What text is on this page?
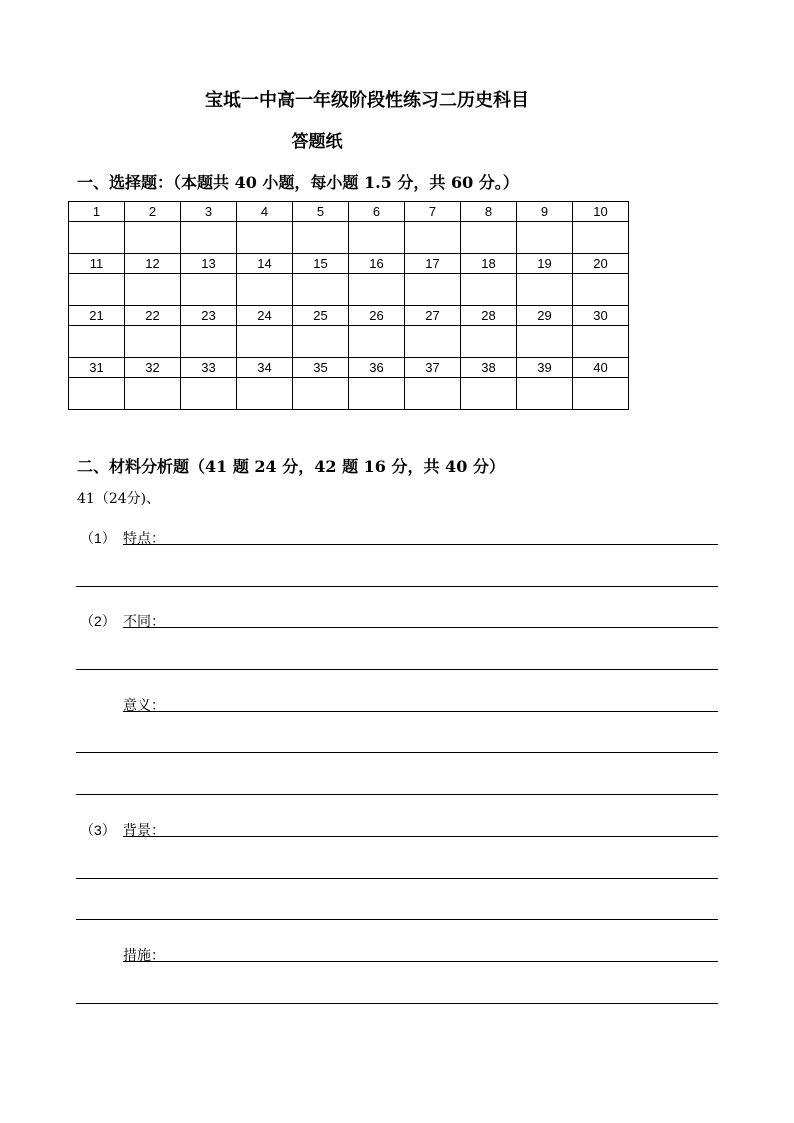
宝坻一中高一年级阶段性练习二历史科目
答题纸
一、选择题：（本题共 40 小题，每小题 1.5 分，共 60 分。）
1	2	3	4	5	6	7	8	9	10

11	12	13	14	15	16	17	18	19	20

21	22	23	24	25	26	27	28	29	30

31	32	33	34	35	36	37	38	39	40

二、材料分析题（41 题 24 分，42 题 16 分，共 40 分）
41（24分)、
（1） 特点：
（2） 不同：
意义：
（3） 背景：
措施：
